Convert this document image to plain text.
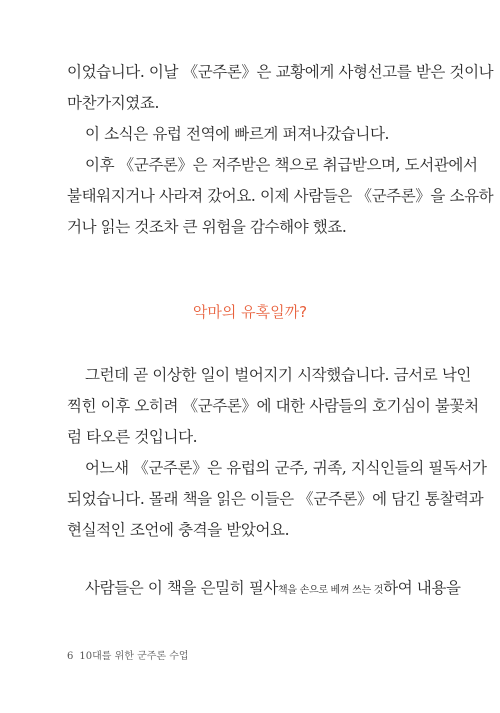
이었습니다. 이날 《군주론》은 교황에게 사형선고를 받은 것이나
마찬가지였죠.
이 소식은 유럽 전역에 빠르게 퍼져나갔습니다.
이후 《군주론》은 저주받은 책으로 취급받으며, 도서관에서
불태워지거나 사라져 갔어요. 이제 사람들은 《군주론》을 소유하
거나 읽는 것조차 큰 위험을 감수해야 했죠.
악마의 유혹일까?
그런데 곧 이상한 일이 벌어지기 시작했습니다. 금서로 낙인
찍힌 이후 오히려 《군주론》에 대한 사람들의 호기심이 불꽃처
럼 타오른 것입니다.
어느새 《군주론》은 유럽의 군주, 귀족, 지식인들의 필독서가
되었습니다. 몰래 책을 읽은 이들은 《군주론》에 담긴 통찰력과
현실적인 조언에 충격을 받았어요.
사람들은 이 책을 은밀히 필사책을 손으로 베껴 쓰는 것하여 내용을
6 10대를 위한 군주론 수업
